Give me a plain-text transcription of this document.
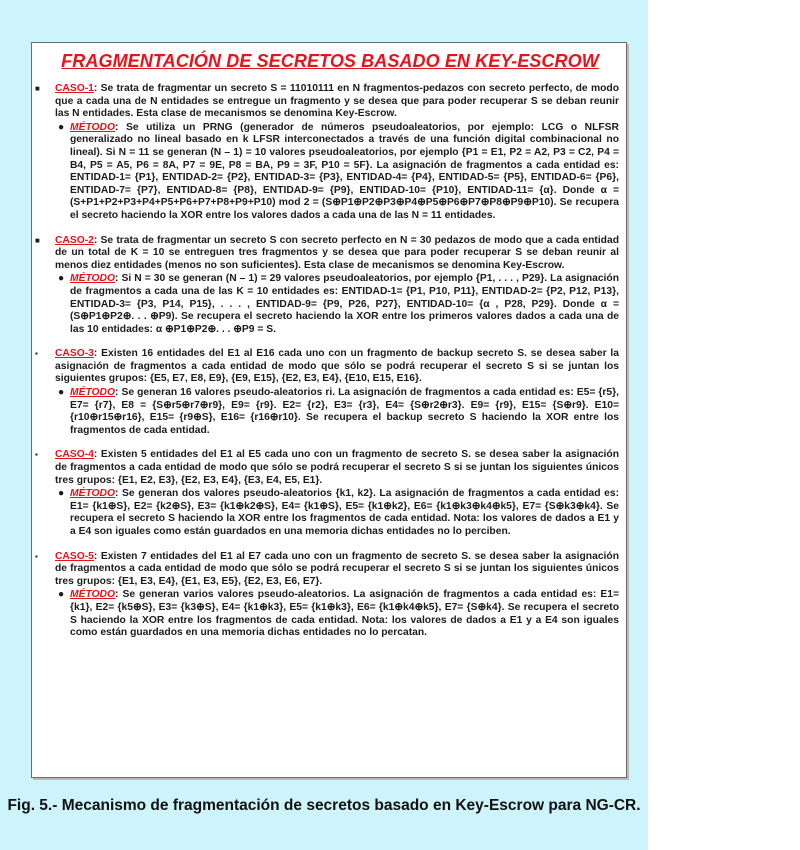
FRAGMENTACIÓN DE SECRETOS BASADO EN KEY-ESCROW
■ CASO-1: Se trata de fragmentar un secreto S = 11010111 en N fragmentos-pedazos con secreto perfecto, de modo que a cada una de N entidades se entregue un fragmento y se desea que para poder recuperar S se deban reunir las N entidades. Esta clase de mecanismos se denomina Key-Escrow.
● MÉTODO: Se utiliza un PRNG (generador de números pseudoaleatorios, por ejemplo: LCG o NLFSR generalizado no lineal basado en k LFSR interconectados a través de una función digital combinacional no lineal). Si N = 11 se generan (N – 1) = 10 valores pseudoaleatorios, por ejemplo {P1 = E1, P2 = A2, P3 = C2, P4 = B4, P5 = A5, P6 = 8A, P7 = 9E, P8 = BA, P9 = 3F, P10 = 5F}. La asignación de fragmentos a cada entidad es: ENTIDAD-1= {P1}, ENTIDAD-2= {P2}, ENTIDAD-3= {P3}, ENTIDAD-4= {P4}, ENTIDAD-5= {P5}, ENTIDAD-6= {P6}, ENTIDAD-7= {P7}, ENTIDAD-8= {P8}, ENTIDAD-9= {P9}, ENTIDAD-10= {P10}, ENTIDAD-11= {α}. Donde α = (S+P1+P2+P3+P4+P5+P6+P7+P8+P9+P10) mod 2 = (S⊕P1⊕P2⊕P3⊕P4⊕P5⊕P6⊕P7⊕P8⊕P9⊕P10). Se recupera el secreto haciendo la XOR entre los valores dados a cada una de las N = 11 entidades.
■ CASO-2: Se trata de fragmentar un secreto S con secreto perfecto en N = 30 pedazos de modo que a cada entidad de un total de K = 10 se entreguen tres fragmentos y se desea que para poder recuperar S se deban reunir al menos diez entidades (menos no son suficientes). Esta clase de mecanismos se denomina Key-Escrow.
● MÉTODO: Si N = 30 se generan (N – 1) = 29 valores pseudoaleatorios, por ejemplo {P1, . . . , P29}. La asignación de fragmentos a cada una de las K = 10 entidades es: ENTIDAD-1= {P1, P10, P11}, ENTIDAD-2= {P2, P12, P13}, ENTIDAD-3= {P3, P14, P15}, . . . , ENTIDAD-9= {P9, P26, P27}, ENTIDAD-10= {α , P28, P29}. Donde α = (S⊕P1⊕P2⊕. . . ⊕P9). Se recupera el secreto haciendo la XOR entre los primeros valores dados a cada una de las 10 entidades: α ⊕P1⊕P2⊕. . . ⊕P9 = S.
▪ CASO-3: Existen 16 entidades del E1 al E16 cada uno con un fragmento de backup secreto S. se desea saber la asignación de fragmentos a cada entidad de modo que sólo se podrá recuperar el secreto S si se juntan los siguientes grupos: {E5, E7, E8, E9}, {E9, E15}, {E2, E3, E4}, {E10, E15, E16}.
● MÉTODO: Se generan 16 valores pseudo-aleatorios ri. La asignación de fragmentos a cada entidad es: E5= {r5}, E7= {r7}, E8 = {S⊕r5⊕r7⊕r9}, E9= {r9}. E2= {r2}, E3= {r3}, E4= {S⊕r2⊕r3}. E9= {r9}, E15= {S⊕r9}. E10= {r10⊕r15⊕r16}, E15= {r9⊕S}, E16= {r16⊕r10}. Se recupera el backup secreto S haciendo la XOR entre los fragmentos de cada entidad.
▪ CASO-4: Existen 5 entidades del E1 al E5 cada uno con un fragmento de secreto S. se desea saber la asignación de fragmentos a cada entidad de modo que sólo se podrá recuperar el secreto S si se juntan los siguientes únicos tres grupos: {E1, E2, E3}, {E2, E3, E4}, {E3, E4, E5, E1}.
● MÉTODO: Se generan dos valores pseudo-aleatorios {k1, k2}. La asignación de fragmentos a cada entidad es: E1= {k1⊕S}, E2= {k2⊕S}, E3= {k1⊕k2⊕S}, E4= {k1⊕S}, E5= {k1⊕k2}, E6= {k1⊕k3⊕k4⊕k5}, E7= {S⊕k3⊕k4}. Se recupera el secreto S haciendo la XOR entre los fragmentos de cada entidad. Nota: los valores de dados a E1 y a E4 son iguales como están guardados en una memoria dichas entidades no lo perciben.
▪ CASO-5: Existen 7 entidades del E1 al E7 cada uno con un fragmento de secreto S. se desea saber la asignación de fragmentos a cada entidad de modo que sólo se podrá recuperar el secreto S si se juntan los siguientes únicos tres grupos: {E1, E3, E4}, {E1, E3, E5}, {E2, E3, E6, E7}.
● MÉTODO: Se generan varios valores pseudo-aleatorios. La asignación de fragmentos a cada entidad es: E1= {k1}, E2= {k5⊕S}, E3= {k3⊕S}, E4= {k1⊕k3}, E5= {k1⊕k3}, E6= {k1⊕k4⊕k5}, E7= {S⊕k4}. Se recupera el secreto S haciendo la XOR entre los fragmentos de cada entidad. Nota: los valores de dados a E1 y a E4 son iguales como están guardados en una memoria dichas entidades no lo percatan.
Fig. 5.- Mecanismo de fragmentación de secretos basado en Key-Escrow para NG-CR.
